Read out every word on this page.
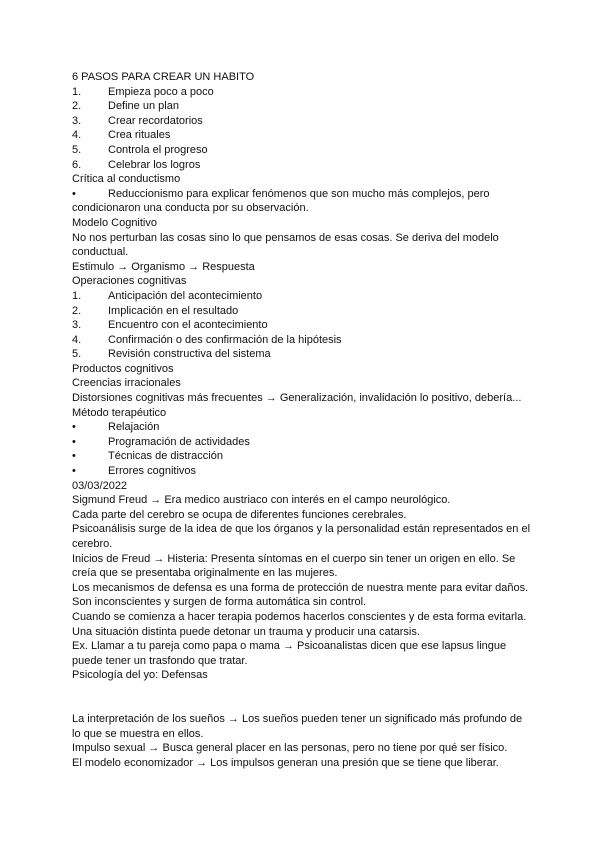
6 PASOS PARA CREAR UN HABITO

1.	Empieza poco a poco
2.	Define un plan
3.	Crear recordatorios
4.	Crea rituales
5.	Controla el progreso
6.	Celebrar los logros

Crítica al conductismo

•	Reduccionismo para explicar fenómenos que son mucho más complejos, pero

condicionaron una conducta por su observación.

Modelo Cognitivo

No nos perturban las cosas sino lo que pensamos de esas cosas. Se deriva del modelo conductual.

Estimulo → Organismo → Respuesta

Operaciones cognitivas

1.	Anticipación del acontecimiento
2.	Implicación en el resultado
3.	Encuentro con el acontecimiento
4.	Confirmación o des confirmación de la hipótesis
5.	Revisión constructiva del sistema

Productos cognitivos

Creencias irracionales

Distorsiones cognitivas más frecuentes → Generalización, invalidación lo positivo, debería...

Método terapéutico

•	Relajación
•	Programación de actividades
•	Técnicas de distracción
•	Errores cognitivos

03/03/2022

Sigmund Freud → Era medico austriaco con interés en el campo neurológico.

Cada parte del cerebro se ocupa de diferentes funciones cerebrales.

Psicoanálisis surge de la idea de que los órganos y la personalidad están representados en el cerebro.

Inicios de Freud → Histeria: Presenta síntomas en el cuerpo sin tener un origen en ello. Se creía que se presentaba originalmente en las mujeres.

Los mecanismos de defensa es una forma de protección de nuestra mente para evitar daños. Son inconscientes y surgen de forma automática sin control.

Cuando se comienza a hacer terapia podemos hacerlos conscientes y de esta forma evitarla. Una situación distinta puede detonar un trauma y producir una catarsis.

Ex. Llamar a tu pareja como papa o mama → Psicoanalistas dicen que ese lapsus lingue puede tener un trasfondo que tratar.

Psicología del yo: Defensas

La interpretación de los sueños → Los sueños pueden tener un significado más profundo de lo que se muestra en ellos.

Impulso sexual → Busca general placer en las personas, pero no tiene por qué ser físico.

El modelo economizador → Los impulsos generan una presión que se tiene que liberar.
